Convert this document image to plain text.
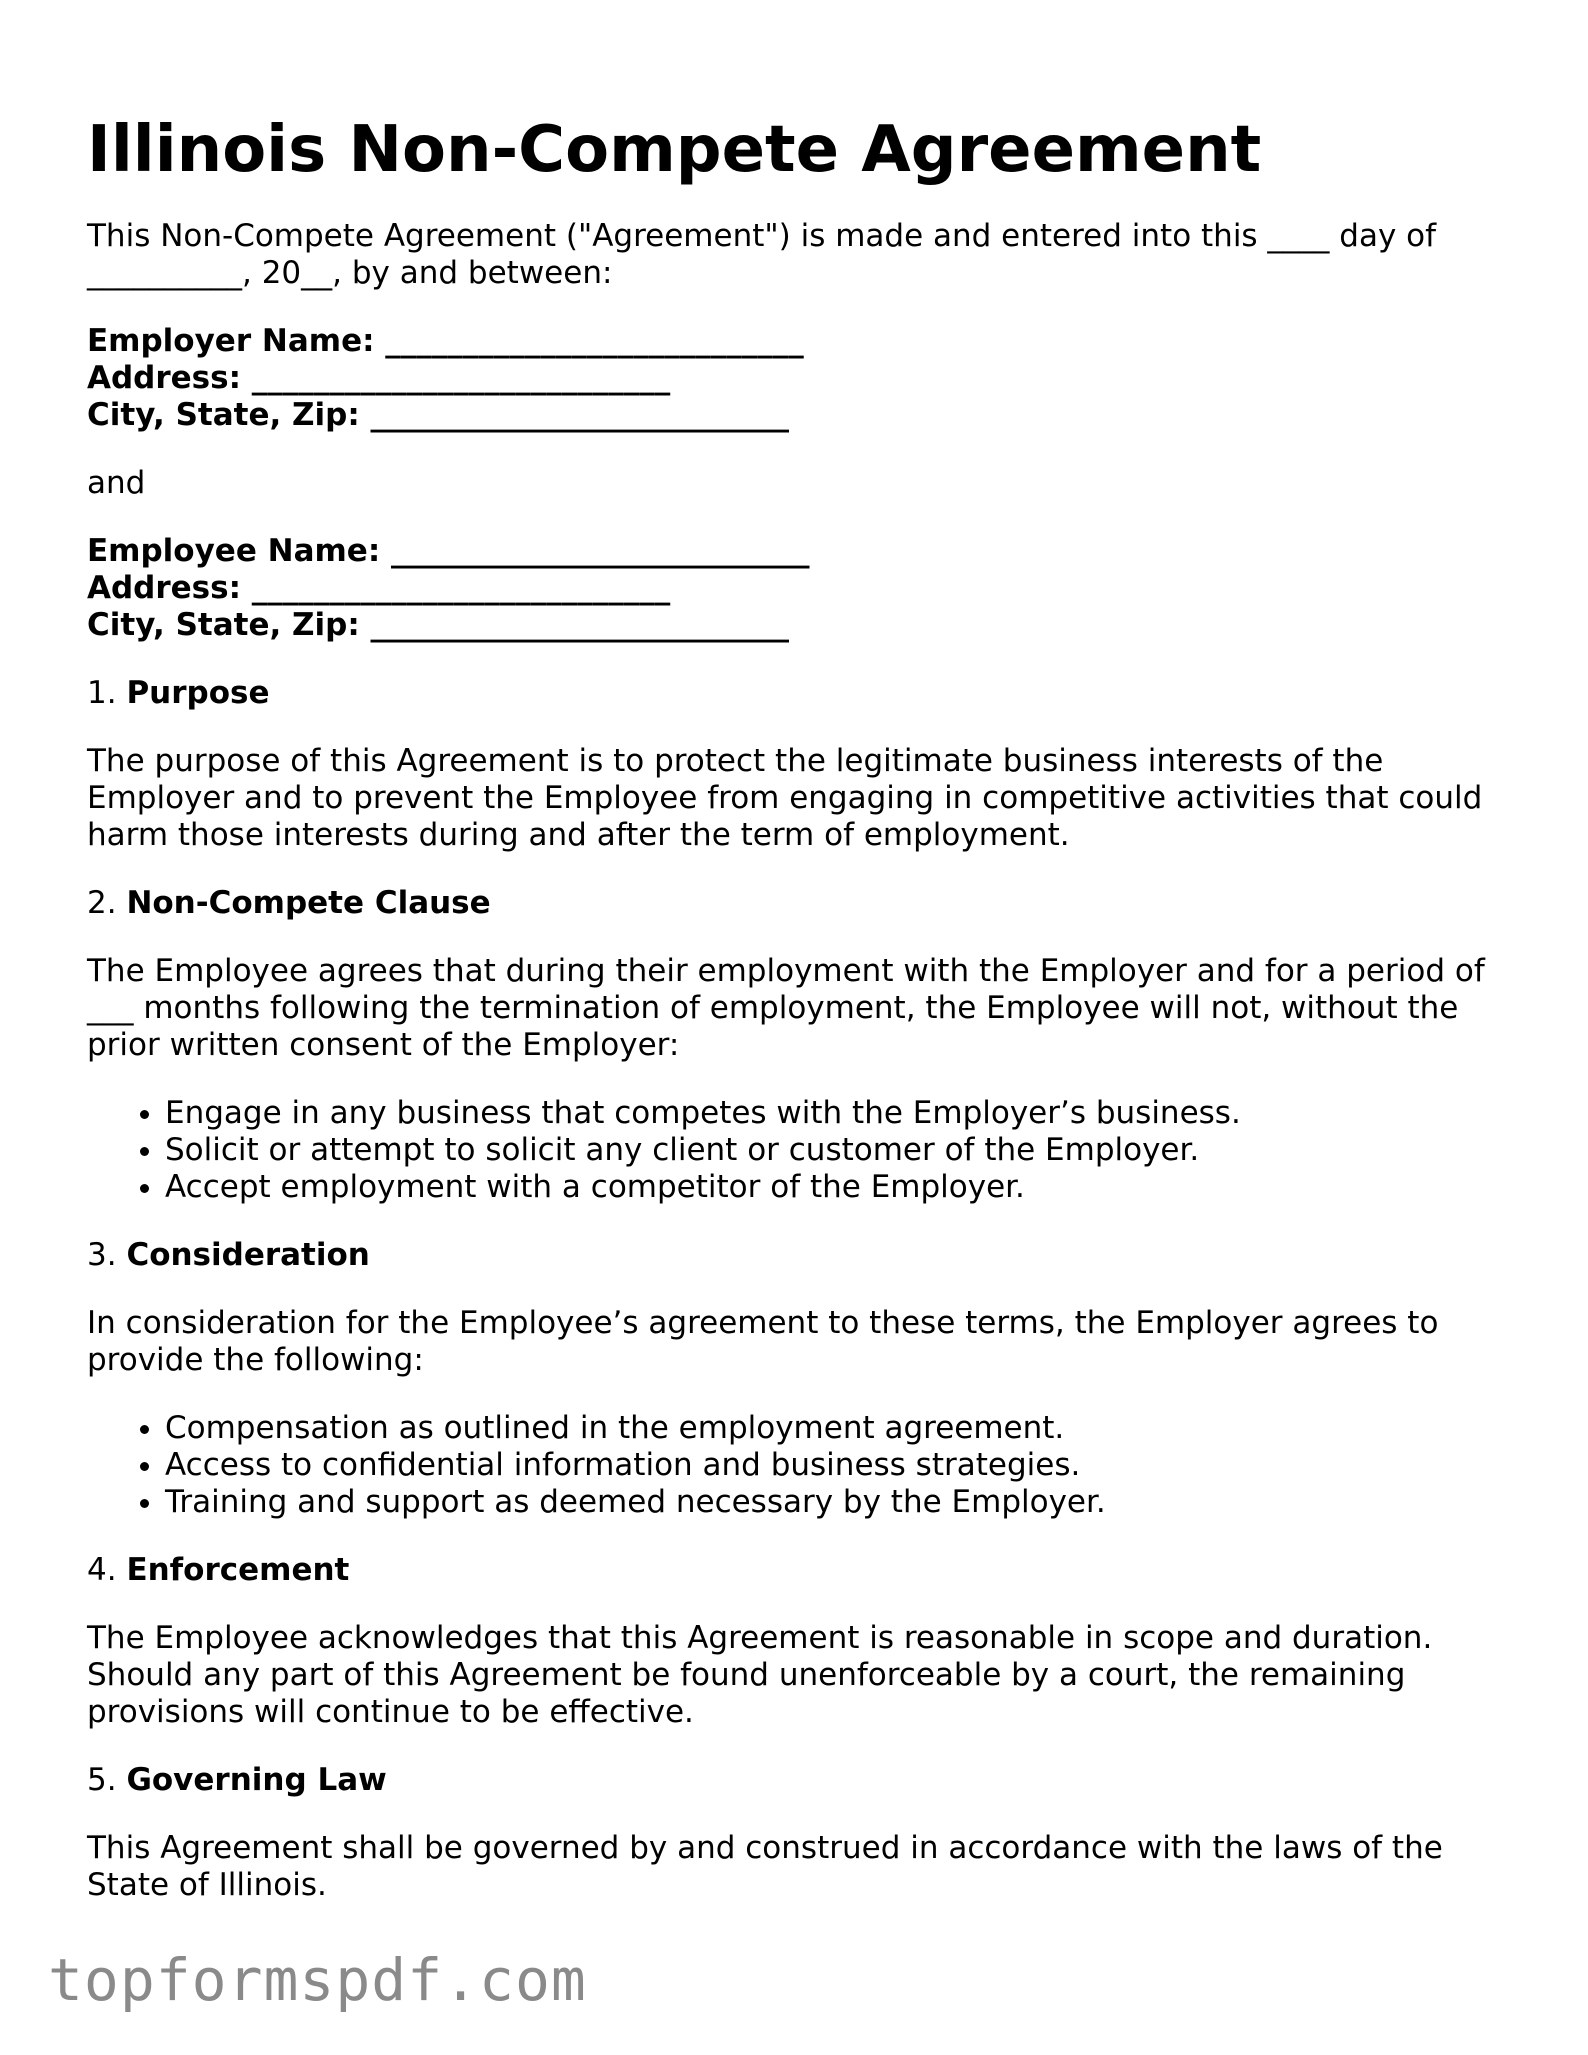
Illinois Non-Compete Agreement

This Non-Compete Agreement ("Agreement") is made and entered into this ____ day of __________, 20__, by and between:

Employer Name: ___________________________
Address: ___________________________
City, State, Zip: ___________________________

and

Employee Name: ___________________________
Address: ___________________________
City, State, Zip: ___________________________
1. Purpose

The purpose of this Agreement is to protect the legitimate business interests of the Employer and to prevent the Employee from engaging in competitive activities that could harm those interests during and after the term of employment.

2. Non-Compete Clause

The Employee agrees that during their employment with the Employer and for a period of ___ months following the termination of employment, the Employee will not, without the prior written consent of the Employer:

• Engage in any business that competes with the Employer’s business.
• Solicit or attempt to solicit any client or customer of the Employer.
• Accept employment with a competitor of the Employer.
3. Consideration

In consideration for the Employee’s agreement to these terms, the Employer agrees to provide the following:

• Compensation as outlined in the employment agreement.
• Access to confidential information and business strategies.
• Training and support as deemed necessary by the Employer.
4. Enforcement

The Employee acknowledges that this Agreement is reasonable in scope and duration. Should any part of this Agreement be found unenforceable by a court, the remaining provisions will continue to be effective.

5. Governing Law

This Agreement shall be governed by and construed in accordance with the laws of the State of Illinois.

topformspdf.com
